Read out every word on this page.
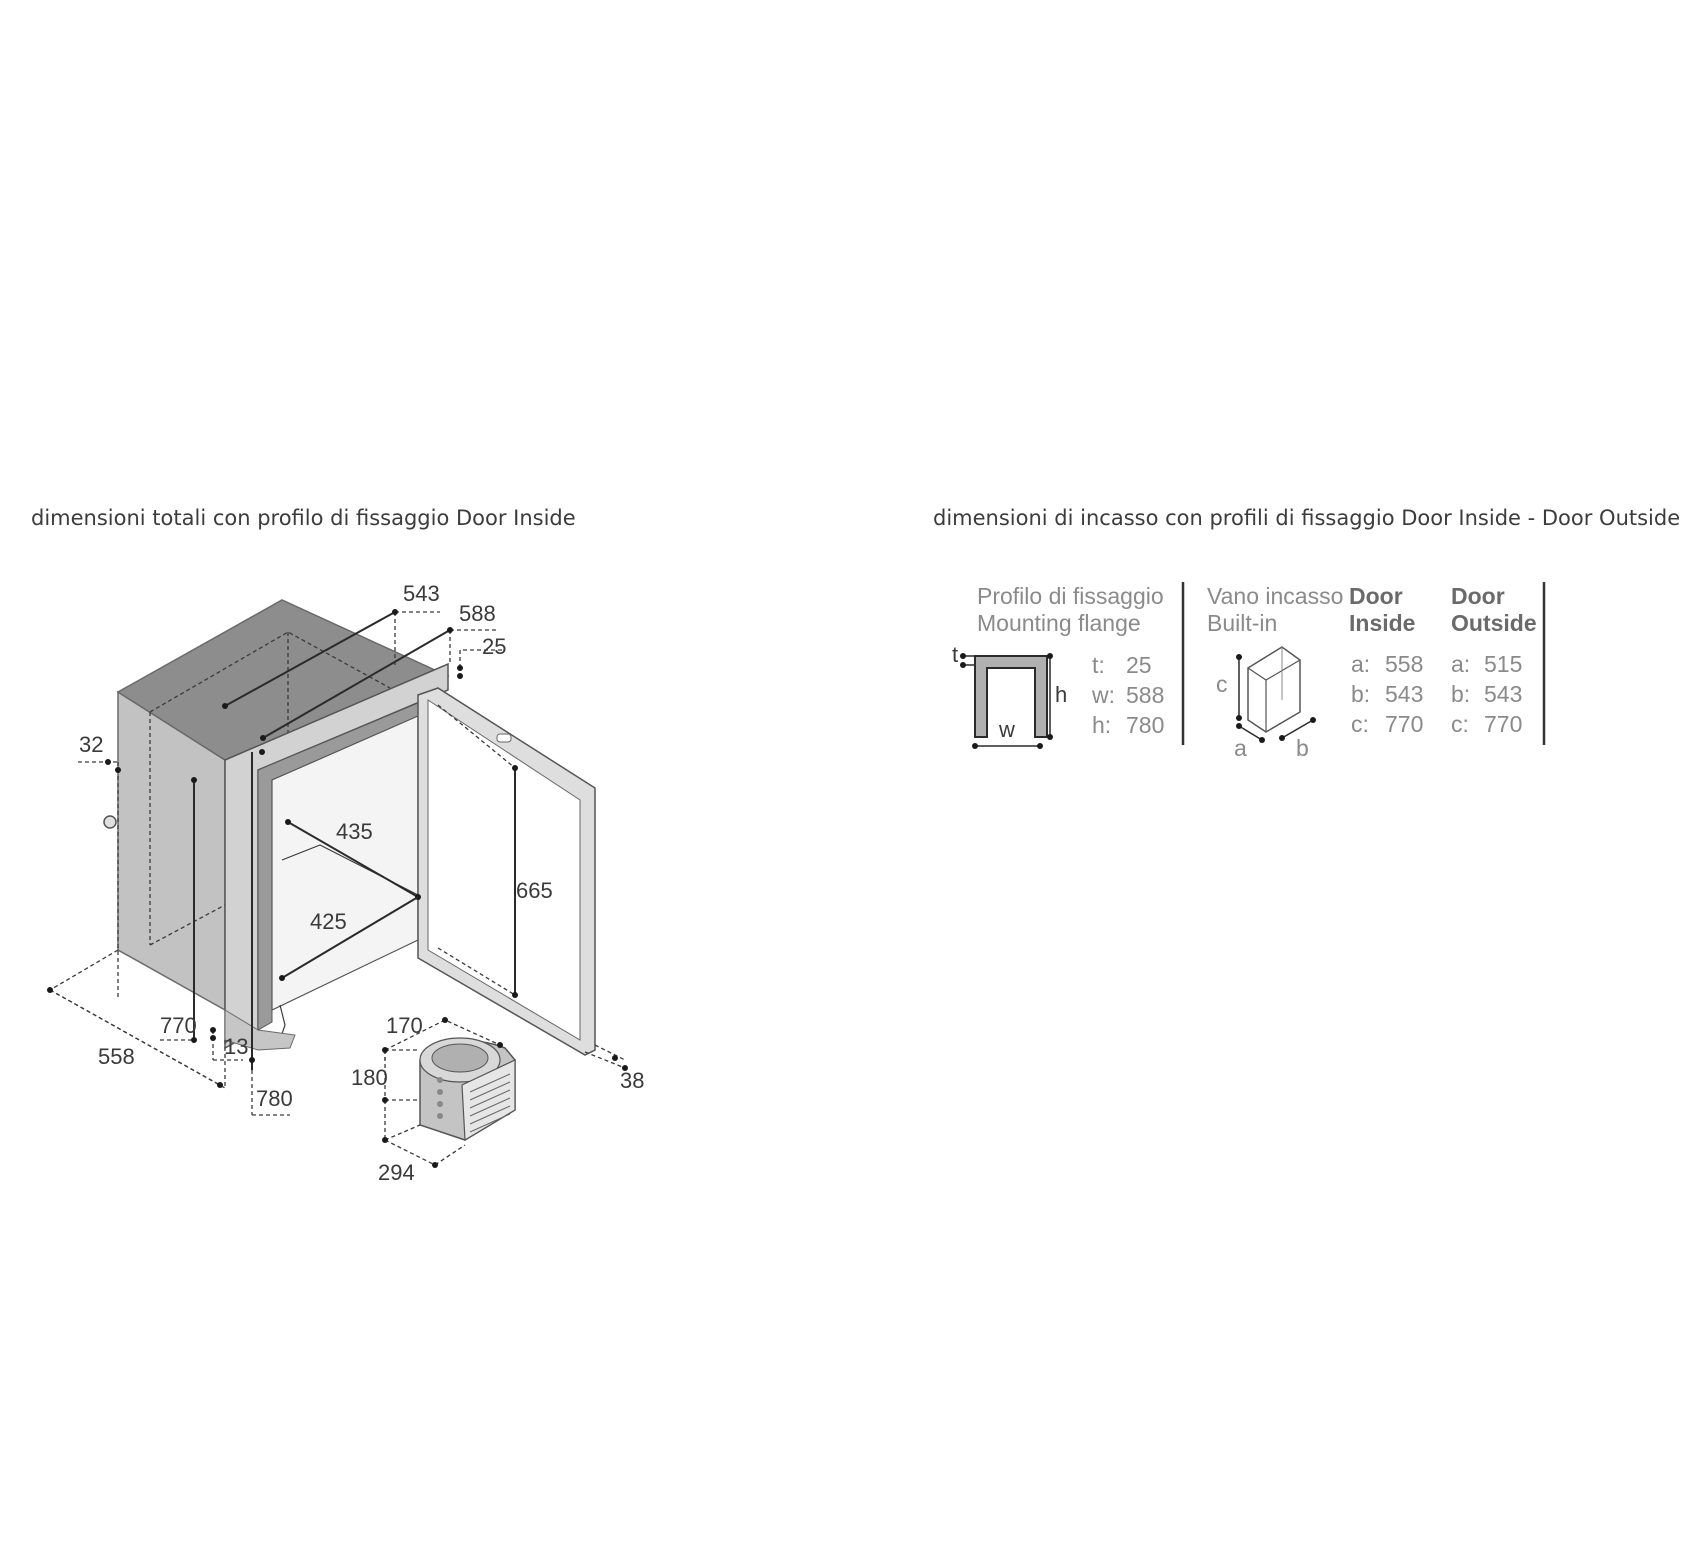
dimensioni totali con profilo di fissaggio Door Inside	dimensioni di incasso con profili di fissaggio Door Inside - Door Outside
543
588
25
32
435
665
425
770
13
558
780
38
170
180
294
Profilo di fissaggio
Mounting flange
t
h
w
t: 25
w: 588
h: 780
Vano incasso
Built-in
c
a b
Door
Inside
a: 558
b: 543
c: 770
Door
Outside
a: 515
b: 543
c: 770
